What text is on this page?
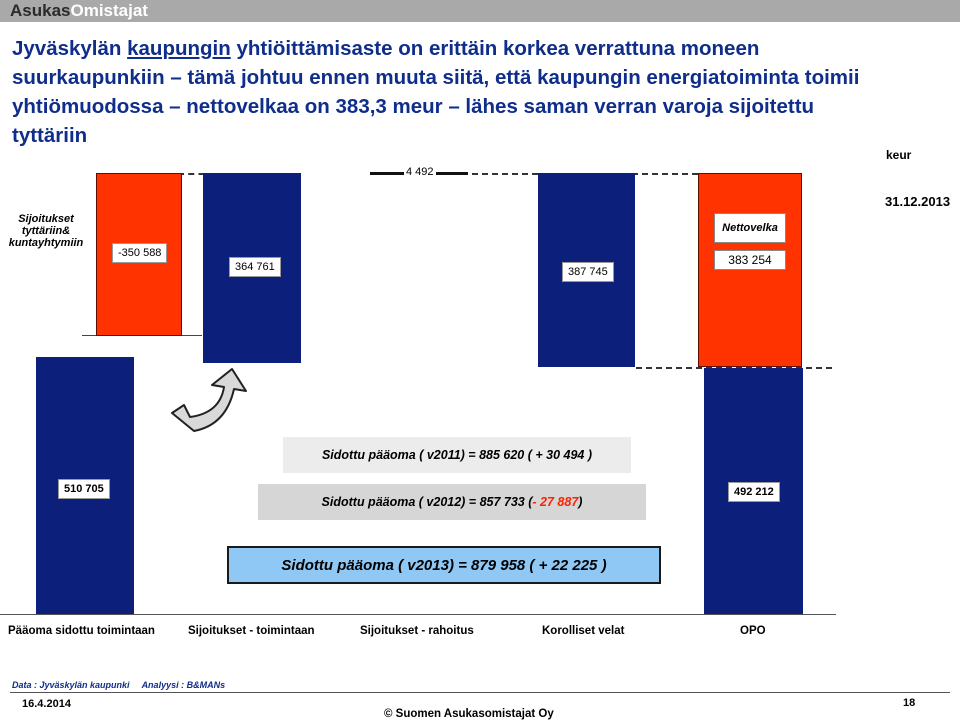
AsukasOmistajat
Jyväskylän kaupungin yhtiöittämisaste on erittäin korkea verrattuna moneen suurkaupunkiin – tämä johtuu ennen muuta siitä, että kaupungin energiatoiminta toimii yhtiömuodossa – nettovelkaa on 383,3 meur – lähes saman verran varoja sijoitettu tyttäriin
keur
31.12.2013
Sijoitukset tyttäriin& kuntayhtymiin
-350 588
364 761
4 492
387 745
510 705	492 212
Nettovelka
383 254
Sidottu pääoma ( v2011) = 885 620 ( + 30 494 )
Sidottu pääoma ( v2012) = 857 733 ( - 27 887 )
Sidottu pääoma ( v2013) = 879 958 ( + 22 225 )
Pääoma sidottu toimintaan	Sijoitukset - toimintaan	Sijoitukset - rahoitus	Korolliset velat	OPO
Data : Jyväskylän kaupunki Analyysi : B&MANs
16.4.2014
© Suomen Asukasomistajat Oy
18
